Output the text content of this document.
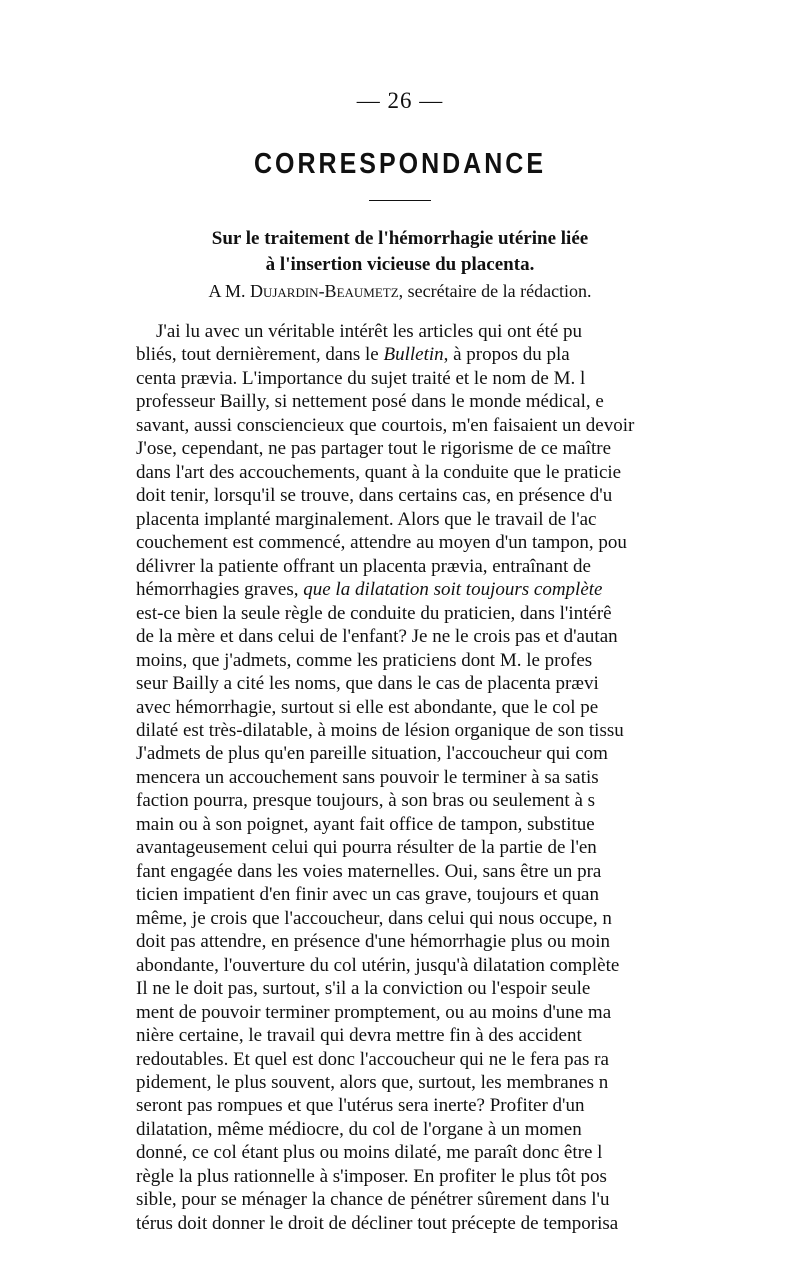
— 26 —
CORRESPONDANCE
Sur le traitement de l'hémorrhagie utérine liée
à l'insertion vicieuse du placenta.
A M. Dujardin-Beaumetz, secrétaire de la rédaction.
J'ai lu avec un véritable intérêt les articles qui ont été pu
bliés, tout dernièrement, dans le Bulletin, à propos du pla
centa prævia. L'importance du sujet traité et le nom de M. l
professeur Bailly, si nettement posé dans le monde médical, e
savant, aussi consciencieux que courtois, m'en faisaient un devoir
J'ose, cependant, ne pas partager tout le rigorisme de ce maître
dans l'art des accouchements, quant à la conduite que le praticie
doit tenir, lorsqu'il se trouve, dans certains cas, en présence d'u
placenta implanté marginalement. Alors que le travail de l'ac
couchement est commencé, attendre au moyen d'un tampon, pou
délivrer la patiente offrant un placenta prævia, entraînant de
hémorrhagies graves, que la dilatation soit toujours complète
est-ce bien la seule règle de conduite du praticien, dans l'intérê
de la mère et dans celui de l'enfant? Je ne le crois pas et d'autan
moins, que j'admets, comme les praticiens dont M. le profes
seur Bailly a cité les noms, que dans le cas de placenta prævi
avec hémorrhagie, surtout si elle est abondante, que le col pe
dilaté est très-dilatable, à moins de lésion organique de son tissu
J'admets de plus qu'en pareille situation, l'accoucheur qui com
mencera un accouchement sans pouvoir le terminer à sa satis
faction pourra, presque toujours, à son bras ou seulement à s
main ou à son poignet, ayant fait office de tampon, substitue
avantageusement celui qui pourra résulter de la partie de l'en
fant engagée dans les voies maternelles. Oui, sans être un pra
ticien impatient d'en finir avec un cas grave, toujours et quan
même, je crois que l'accoucheur, dans celui qui nous occupe, n
doit pas attendre, en présence d'une hémorrhagie plus ou moin
abondante, l'ouverture du col utérin, jusqu'à dilatation complète
Il ne le doit pas, surtout, s'il a la conviction ou l'espoir seule
ment de pouvoir terminer promptement, ou au moins d'une ma
nière certaine, le travail qui devra mettre fin à des accident
redoutables. Et quel est donc l'accoucheur qui ne le fera pas ra
pidement, le plus souvent, alors que, surtout, les membranes n
seront pas rompues et que l'utérus sera inerte? Profiter d'un
dilatation, même médiocre, du col de l'organe à un momen
donné, ce col étant plus ou moins dilaté, me paraît donc être l
règle la plus rationnelle à s'imposer. En profiter le plus tôt pos
sible, pour se ménager la chance de pénétrer sûrement dans l'u
térus doit donner le droit de décliner tout précepte de temporisa
